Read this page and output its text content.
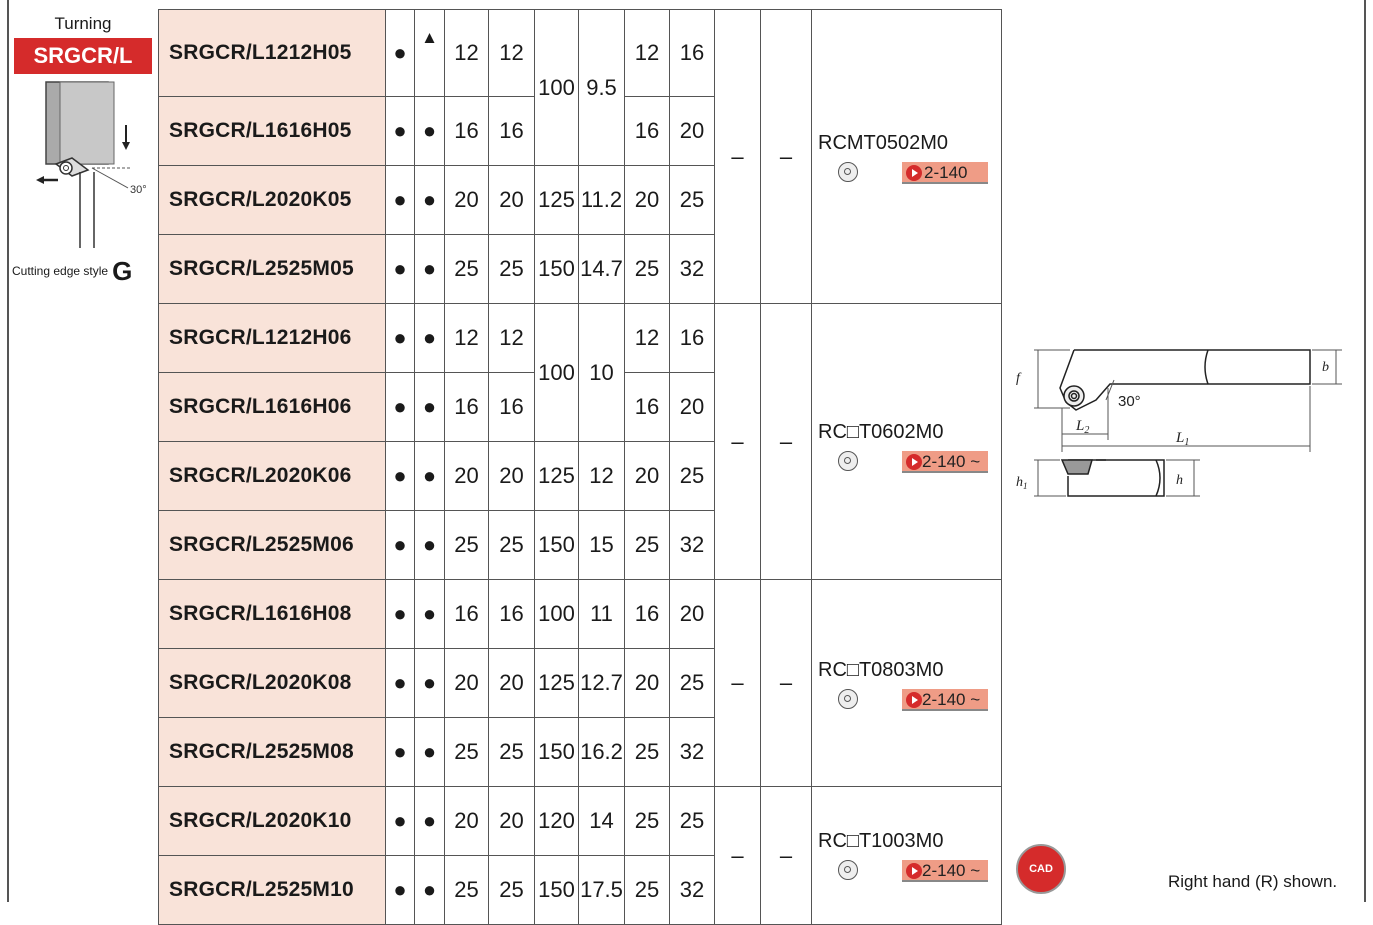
Turning
SRGCR/L
30°
Cutting edge style G
SRGCR/L1212H05	●	▲	12	12	100	9.5	12	16	–	–	RCMT0502M0
2-140

SRGCR/L1616H05	●	●	16	16			16	20			
SRGCR/L2020K05	●	●	20	20	125	11.2	20	25			
SRGCR/L2525M05	●	●	25	25	150	14.7	25	32			
SRGCR/L1212H06	●	●	12	12	100	10	12	16	–	–	RC□T0602M0
2-140 ~

SRGCR/L1616H06	●	●	16	16			16	20			
SRGCR/L2020K06	●	●	20	20	125	12	20	25			
SRGCR/L2525M06	●	●	25	25	150	15	25	32			
SRGCR/L1616H08	●	●	16	16	100	11	16	20	–	–	RC□T0803M0
2-140 ~

SRGCR/L2020K08	●	●	20	20	125	12.7	20	25			
SRGCR/L2525M08	●	●	25	25	150	16.2	25	32			
SRGCR/L2020K10	●	●	20	20	120	14	25	25	–	–	RC□T1003M0
2-140 ~

SRGCR/L2525M10	●	●	25	25	150	17.5	25	32			
f
b
30°
$L_2$	$L_1$
$h_1$	h
CAD
Right hand (R) shown.
